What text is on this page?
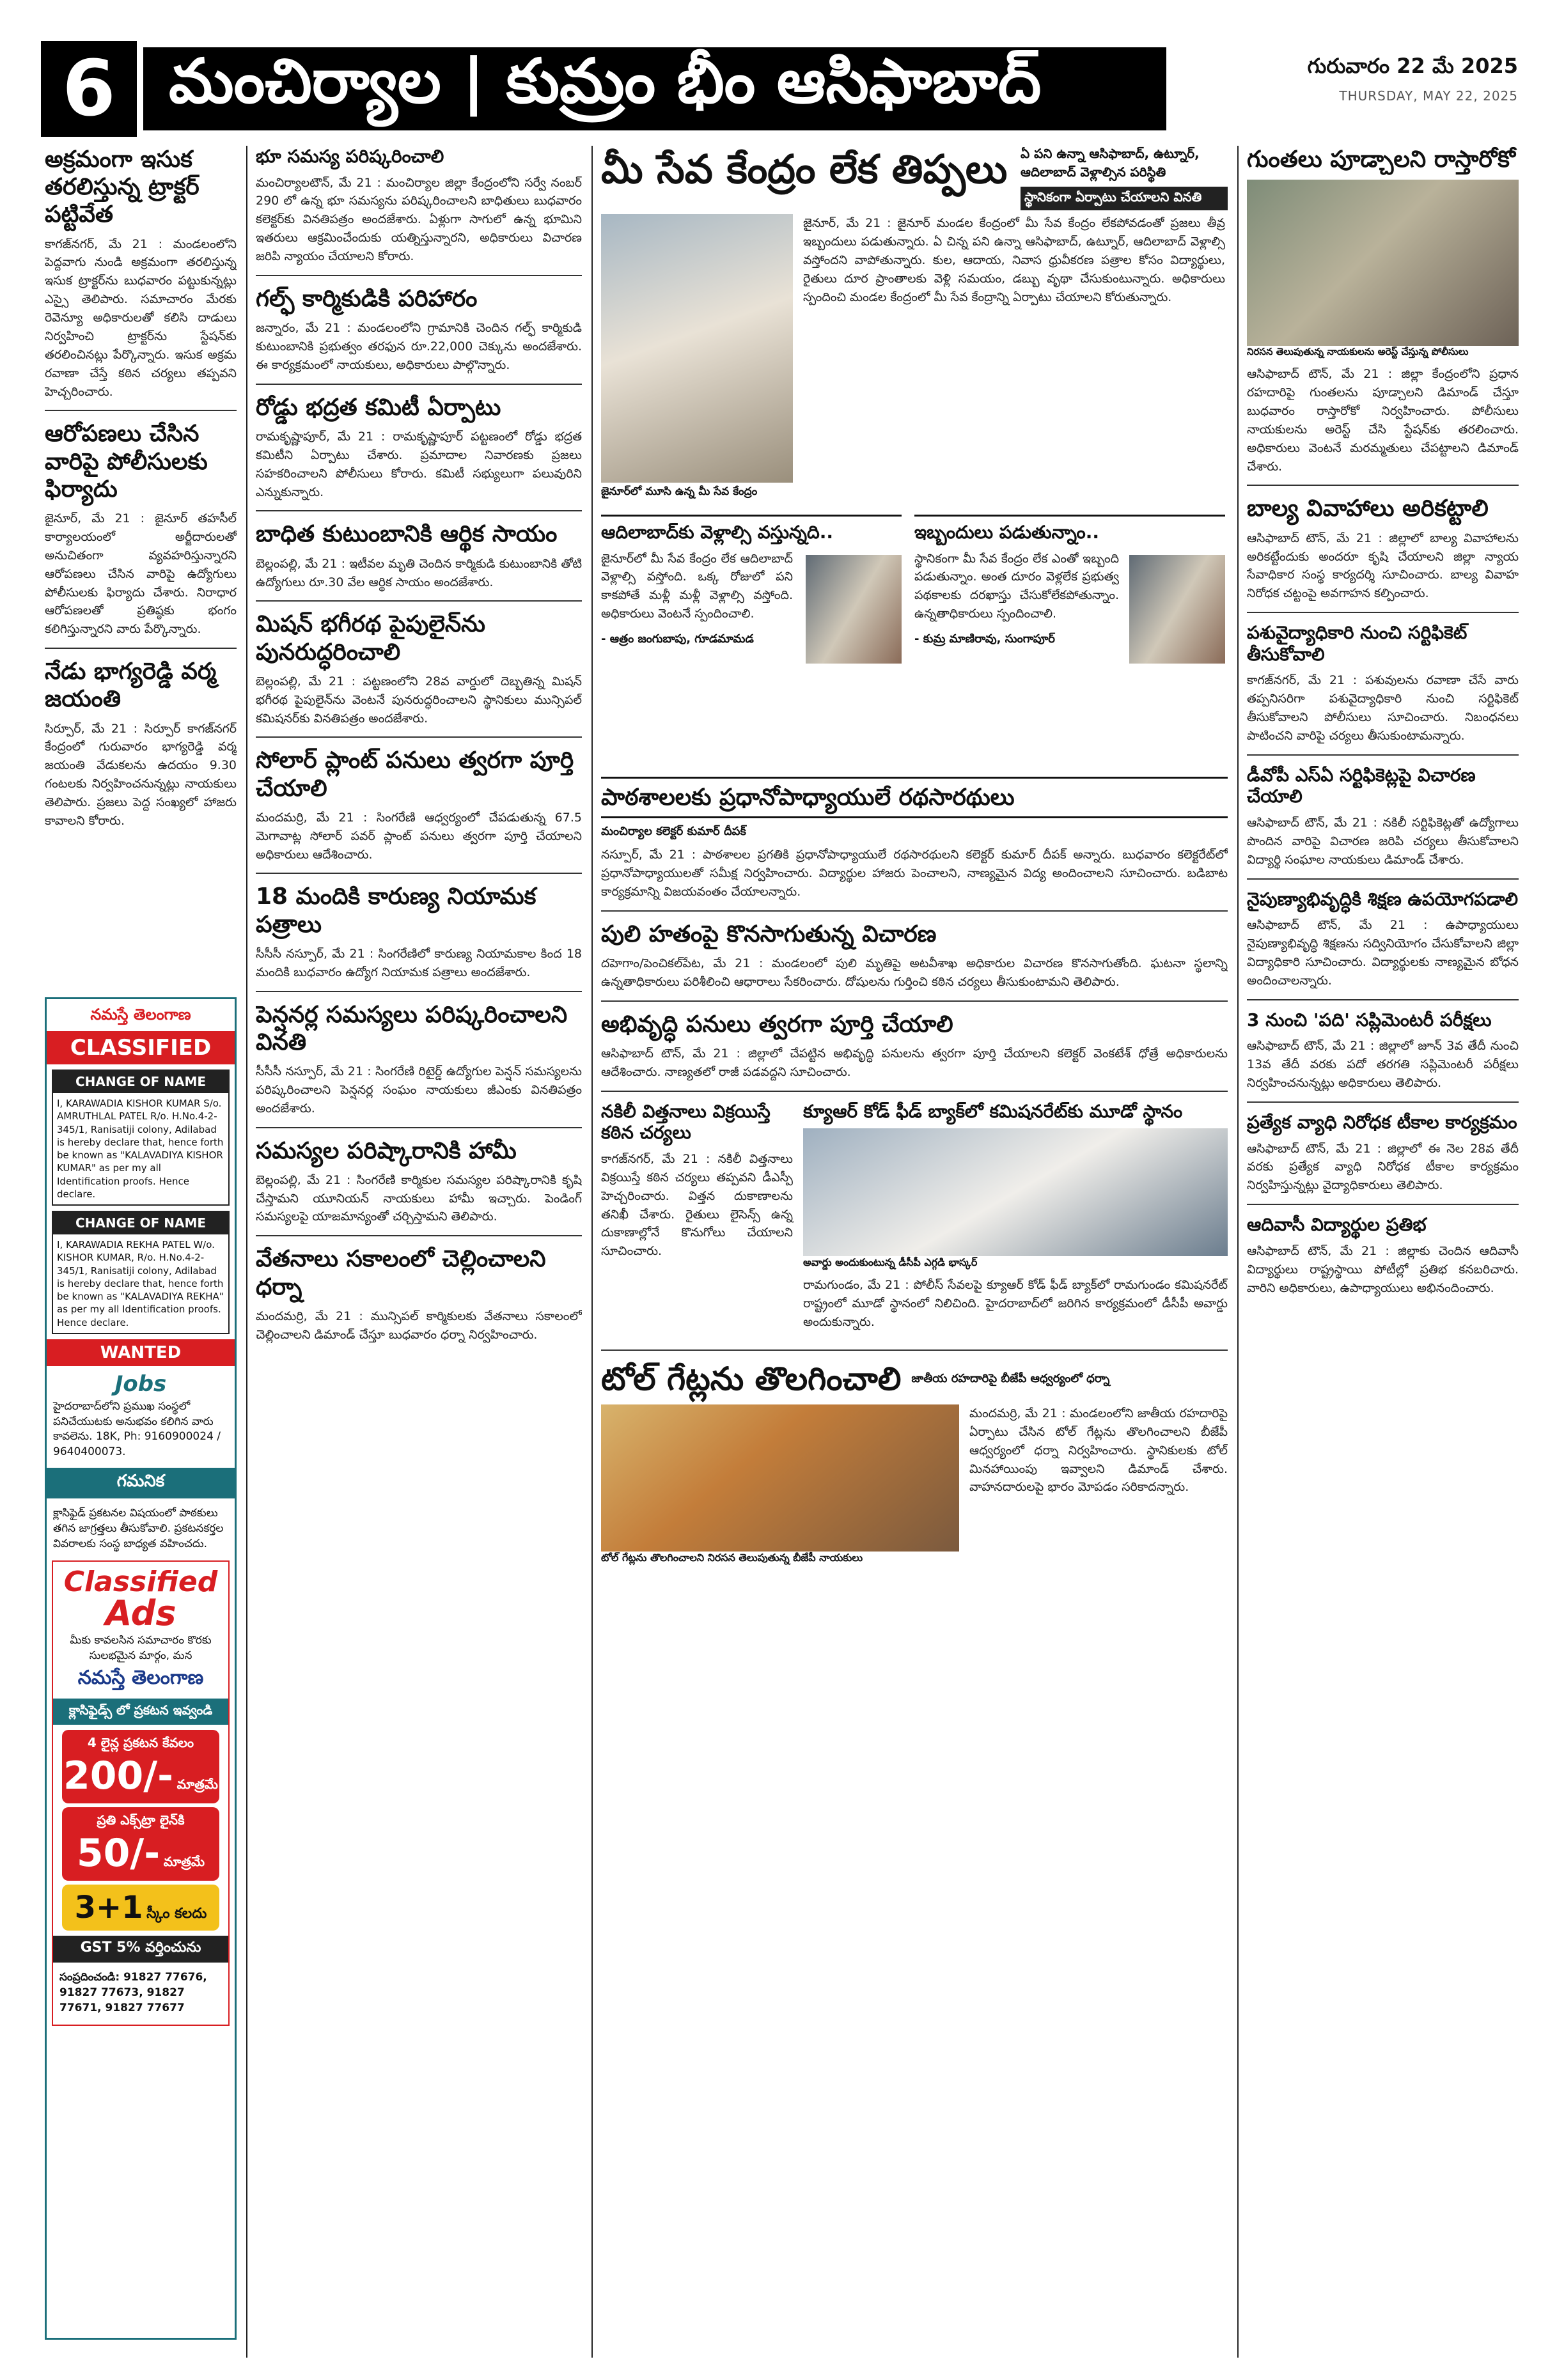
6 మంచిర్యాల | కుమ్రం భీం ఆసిఫాబాద్	గురువారం 22 మే 2025
THURSDAY, MAY 22, 2025
అక్రమంగా ఇసుక తరలిస్తున్న ట్రాక్టర్ పట్టివేత

కాగజ్‌నగర్, మే 21 : మండలంలోని పెద్దవాగు నుండి అక్రమంగా తరలిస్తున్న ఇసుక ట్రాక్టర్‌ను బుధవారం పట్టుకున్నట్లు ఎస్సై తెలిపారు. సమాచారం మేరకు రెవెన్యూ అధికారులతో కలిసి దాడులు నిర్వహించి ట్రాక్టర్‌ను స్టేషన్‌కు తరలించినట్లు పేర్కొన్నారు. ఇసుక అక్రమ రవాణా చేస్తే కఠిన చర్యలు తప్పవని హెచ్చరించారు.

ఆరోపణలు చేసిన వారిపై పోలీసులకు ఫిర్యాదు

జైనూర్, మే 21 : జైనూర్ తహసీల్ కార్యాలయంలో అర్జీదారులతో అనుచితంగా వ్యవహరిస్తున్నారని ఆరోపణలు చేసిన వారిపై ఉద్యోగులు పోలీసులకు ఫిర్యాదు చేశారు. నిరాధార ఆరోపణలతో ప్రతిష్ఠకు భంగం కలిగిస్తున్నారని వారు పేర్కొన్నారు.

నేడు భాగ్యరెడ్డి వర్మ జయంతి

సిర్పూర్, మే 21 : సిర్పూర్ కాగజ్‌నగర్ కేంద్రంలో గురువారం భాగ్యరెడ్డి వర్మ జయంతి వేడుకలను ఉదయం 9.30 గంటలకు నిర్వహించనున్నట్లు నాయకులు తెలిపారు. ప్రజలు పెద్ద సంఖ్యలో హాజరు కావాలని కోరారు.

నమస్తే తెలంగాణ
CLASSIFIED
CHANGE OF NAME
I, KARAWADIA KISHOR KUMAR S/o. AMRUTHLAL PATEL R/o. H.No.4-2-345/1, Ranisatiji colony, Adilabad is hereby declare that, hence forth be known as "KALAVADIYA KISHOR KUMAR" as per my all Identification proofs. Hence declare.
CHANGE OF NAME
I, KARAWADIA REKHA PATEL W/o. KISHOR KUMAR, R/o. H.No.4-2-345/1, Ranisatiji colony, Adilabad is hereby declare that, hence forth be known as "KALAVADIYA REKHA" as per my all Identification proofs. Hence declare.
WANTED
Jobs
హైదరాబాద్‌లోని ప్రముఖ సంస్థలో పనిచేయుటకు అనుభవం కలిగిన వారు కావలెను. 18K, Ph: 9160900024 / 9640400073.
గమనిక
క్లాసిఫైడ్ ప్రకటనల విషయంలో పాఠకులు తగిన జాగ్రత్తలు తీసుకోవాలి. ప్రకటనకర్తల వివరాలకు సంస్థ బాధ్యత వహించదు.
Classified
Ads
మీకు కావలసిన సమాచారం కొరకు సులభమైన మార్గం, మన
నమస్తే తెలంగాణ
క్లాసిఫైడ్స్ లో ప్రకటన ఇవ్వండి
4 లైన్ల ప్రకటన కేవలం
200/- మాత్రమే
ప్రతి ఎక్స్‌ట్రా లైన్‌కి
50/- మాత్రమే
3+1 స్కీం కలదు
GST 5% వర్తించును
సంప్రదించండి: 91827 77676, 91827 77673, 91827 77671, 91827 77677
భూ సమస్య పరిష్కరించాలి

మంచిర్యాలటౌన్, మే 21 : మంచిర్యాల జిల్లా కేంద్రంలోని సర్వే నంబర్ 290 లో ఉన్న భూ సమస్యను పరిష్కరించాలని బాధితులు బుధవారం కలెక్టర్‌కు వినతిపత్రం అందజేశారు. ఏళ్లుగా సాగులో ఉన్న భూమిని ఇతరులు ఆక్రమించేందుకు యత్నిస్తున్నారని, అధికారులు విచారణ జరిపి న్యాయం చేయాలని కోరారు.

గల్ఫ్ కార్మికుడికి పరిహారం

జన్నారం, మే 21 : మండలంలోని గ్రామానికి చెందిన గల్ఫ్ కార్మికుడి కుటుంబానికి ప్రభుత్వం తరఫున రూ.22,000 చెక్కును అందజేశారు. ఈ కార్యక్రమంలో నాయకులు, అధికారులు పాల్గొన్నారు.

రోడ్డు భద్రత కమిటీ ఏర్పాటు

రామకృష్ణాపూర్, మే 21 : రామకృష్ణాపూర్ పట్టణంలో రోడ్డు భద్రత కమిటీని ఏర్పాటు చేశారు. ప్రమాదాల నివారణకు ప్రజలు సహకరించాలని పోలీసులు కోరారు. కమిటీ సభ్యులుగా పలువురిని ఎన్నుకున్నారు.

బాధిత కుటుంబానికి ఆర్థిక సాయం

బెల్లంపల్లి, మే 21 : ఇటీవల మృతి చెందిన కార్మికుడి కుటుంబానికి తోటి ఉద్యోగులు రూ.30 వేల ఆర్థిక సాయం అందజేశారు.

మిషన్ భగీరథ పైపులైన్‌ను పునరుద్ధరించాలి

బెల్లంపల్లి, మే 21 : పట్టణంలోని 28వ వార్డులో దెబ్బతిన్న మిషన్ భగీరథ పైపులైన్‌ను వెంటనే పునరుద్ధరించాలని స్థానికులు మున్సిపల్ కమిషనర్‌కు వినతిపత్రం అందజేశారు.

సోలార్ ప్లాంట్ పనులు త్వరగా పూర్తి చేయాలి

మందమర్రి, మే 21 : సింగరేణి ఆధ్వర్యంలో చేపడుతున్న 67.5 మెగావాట్ల సోలార్ పవర్ ప్లాంట్ పనులు త్వరగా పూర్తి చేయాలని అధికారులు ఆదేశించారు.

18 మందికి కారుణ్య నియామక పత్రాలు

సీసీసీ నస్పూర్, మే 21 : సింగరేణిలో కారుణ్య నియామకాల కింద 18 మందికి బుధవారం ఉద్యోగ నియామక పత్రాలు అందజేశారు.

పెన్షనర్ల సమస్యలు పరిష్కరించాలని వినతి

సీసీసీ నస్పూర్, మే 21 : సింగరేణి రిటైర్డ్ ఉద్యోగుల పెన్షన్ సమస్యలను పరిష్కరించాలని పెన్షనర్ల సంఘం నాయకులు జీఎంకు వినతిపత్రం అందజేశారు.

సమస్యల పరిష్కారానికి హామీ

బెల్లంపల్లి, మే 21 : సింగరేణి కార్మికుల సమస్యల పరిష్కారానికి కృషి చేస్తామని యూనియన్ నాయకులు హామీ ఇచ్చారు. పెండింగ్ సమస్యలపై యాజమాన్యంతో చర్చిస్తామని తెలిపారు.

వేతనాలు సకాలంలో చెల్లించాలని ధర్నా

మందమర్రి, మే 21 : మున్సిపల్ కార్మికులకు వేతనాలు సకాలంలో చెల్లించాలని డిమాండ్ చేస్తూ బుధవారం ధర్నా నిర్వహించారు.

మీ సేవ కేంద్రం లేక తిప్పలు ఏ పని ఉన్నా ఆసిఫాబాద్, ఉట్నూర్, ఆదిలాబాద్ వెళ్లాల్సిన పరిస్థితి
స్థానికంగా ఏర్పాటు చేయాలని వినతి
జైనూర్‌లో మూసి ఉన్న మీ సేవ కేంద్రం

జైనూర్, మే 21 : జైనూర్ మండల కేంద్రంలో మీ సేవ కేంద్రం లేకపోవడంతో ప్రజలు తీవ్ర ఇబ్బందులు పడుతున్నారు. ఏ చిన్న పని ఉన్నా ఆసిఫాబాద్, ఉట్నూర్, ఆదిలాబాద్ వెళ్లాల్సి వస్తోందని వాపోతున్నారు. కుల, ఆదాయ, నివాస ధ్రువీకరణ పత్రాల కోసం విద్యార్థులు, రైతులు దూర ప్రాంతాలకు వెళ్లి సమయం, డబ్బు వృథా చేసుకుంటున్నారు. అధికారులు స్పందించి మండల కేంద్రంలో మీ సేవ కేంద్రాన్ని ఏర్పాటు చేయాలని కోరుతున్నారు.

ఆదిలాబాద్‌కు వెళ్లాల్సి వస్తున్నది..

జైనూర్‌లో మీ సేవ కేంద్రం లేక ఆదిలాబాద్ వెళ్లాల్సి వస్తోంది. ఒక్క రోజులో పని కాకపోతే మళ్లీ మళ్లీ వెళ్లాల్సి వస్తోంది. అధికారులు వెంటనే స్పందించాలి.

- ఆత్రం జంగుబాపు, గూడమామడ
ఇబ్బందులు పడుతున్నాం..

స్థానికంగా మీ సేవ కేంద్రం లేక ఎంతో ఇబ్బంది పడుతున్నాం. అంత దూరం వెళ్లలేక ప్రభుత్వ పథకాలకు దరఖాస్తు చేసుకోలేకపోతున్నాం. ఉన్నతాధికారులు స్పందించాలి.

- కుమ్ర మాణిరావు, సుంగాపూర్
పాఠశాలలకు ప్రధానోపాధ్యాయులే రథసారథులు
మంచిర్యాల కలెక్టర్ కుమార్ దీపక్

నస్పూర్, మే 21 : పాఠశాలల ప్రగతికి ప్రధానోపాధ్యాయులే రథసారథులని కలెక్టర్ కుమార్ దీపక్ అన్నారు. బుధవారం కలెక్టరేట్‌లో ప్రధానోపాధ్యాయులతో సమీక్ష నిర్వహించారు. విద్యార్థుల హాజరు పెంచాలని, నాణ్యమైన విద్య అందించాలని సూచించారు. బడిబాట కార్యక్రమాన్ని విజయవంతం చేయాలన్నారు.

పులి హతంపై కొనసాగుతున్న విచారణ

దహెగాం/పెంచికల్‌పేట, మే 21 : మండలంలో పులి మృతిపై అటవీశాఖ అధికారుల విచారణ కొనసాగుతోంది. ఘటనా స్థలాన్ని ఉన్నతాధికారులు పరిశీలించి ఆధారాలు సేకరించారు. దోషులను గుర్తించి కఠిన చర్యలు తీసుకుంటామని తెలిపారు.

అభివృద్ధి పనులు త్వరగా పూర్తి చేయాలి

ఆసిఫాబాద్ టౌన్, మే 21 : జిల్లాలో చేపట్టిన అభివృద్ధి పనులను త్వరగా పూర్తి చేయాలని కలెక్టర్ వెంకటేశ్ ధోత్రే అధికారులను ఆదేశించారు. నాణ్యతలో రాజీ పడవద్దని సూచించారు.

నకిలీ విత్తనాలు విక్రయిస్తే కఠిన చర్యలు

కాగజ్‌నగర్, మే 21 : నకిలీ విత్తనాలు విక్రయిస్తే కఠిన చర్యలు తప్పవని డీఎస్పీ హెచ్చరించారు. విత్తన దుకాణాలను తనిఖీ చేశారు. రైతులు లైసెన్స్ ఉన్న దుకాణాల్లోనే కొనుగోలు చేయాలని సూచించారు.

క్యూఆర్ కోడ్ ఫీడ్ బ్యాక్‌లో కమిషనరేట్‌కు మూడో స్థానం
అవార్డు అందుకుంటున్న డీసీపీ ఎగ్గడి భాస్కర్

రామగుండం, మే 21 : పోలీస్ సేవలపై క్యూఆర్ కోడ్ ఫీడ్ బ్యాక్‌లో రామగుండం కమిషనరేట్ రాష్ట్రంలో మూడో స్థానంలో నిలిచింది. హైదరాబాద్‌లో జరిగిన కార్యక్రమంలో డీసీపీ అవార్డు అందుకున్నారు.

టోల్ గేట్లను తొలగించాలి జాతీయ రహదారిపై బీజేపీ ఆధ్వర్యంలో ధర్నా
టోల్ గేట్లను తొలగించాలని నిరసన తెలుపుతున్న బీజేపీ నాయకులు

మందమర్రి, మే 21 : మండలంలోని జాతీయ రహదారిపై ఏర్పాటు చేసిన టోల్ గేట్లను తొలగించాలని బీజేపీ ఆధ్వర్యంలో ధర్నా నిర్వహించారు. స్థానికులకు టోల్ మినహాయింపు ఇవ్వాలని డిమాండ్ చేశారు. వాహనదారులపై భారం మోపడం సరికాదన్నారు.

గుంతలు పూడ్చాలని రాస్తారోకో
నిరసన తెలుపుతున్న నాయకులను అరెస్ట్ చేస్తున్న పోలీసులు

ఆసిఫాబాద్ టౌన్, మే 21 : జిల్లా కేంద్రంలోని ప్రధాన రహదారిపై గుంతలను పూడ్చాలని డిమాండ్ చేస్తూ బుధవారం రాస్తారోకో నిర్వహించారు. పోలీసులు నాయకులను అరెస్ట్ చేసి స్టేషన్‌కు తరలించారు. అధికారులు వెంటనే మరమ్మతులు చేపట్టాలని డిమాండ్ చేశారు.

బాల్య వివాహాలు అరికట్టాలి

ఆసిఫాబాద్ టౌన్, మే 21 : జిల్లాలో బాల్య వివాహాలను అరికట్టేందుకు అందరూ కృషి చేయాలని జిల్లా న్యాయ సేవాధికార సంస్థ కార్యదర్శి సూచించారు. బాల్య వివాహ నిరోధక చట్టంపై అవగాహన కల్పించారు.

పశువైద్యాధికారి నుంచి సర్టిఫికెట్ తీసుకోవాలి

కాగజ్‌నగర్, మే 21 : పశువులను రవాణా చేసే వారు తప్పనిసరిగా పశువైద్యాధికారి నుంచి సర్టిఫికెట్ తీసుకోవాలని పోలీసులు సూచించారు. నిబంధనలు పాటించని వారిపై చర్యలు తీసుకుంటామన్నారు.

డీవోపీ ఎస్ఏ సర్టిఫికెట్లపై విచారణ చేయాలి

ఆసిఫాబాద్ టౌన్, మే 21 : నకిలీ సర్టిఫికెట్లతో ఉద్యోగాలు పొందిన వారిపై విచారణ జరిపి చర్యలు తీసుకోవాలని విద్యార్థి సంఘాల నాయకులు డిమాండ్ చేశారు.

నైపుణ్యాభివృద్ధికి శిక్షణ ఉపయోగపడాలి

ఆసిఫాబాద్ టౌన్, మే 21 : ఉపాధ్యాయులు నైపుణ్యాభివృద్ధి శిక్షణను సద్వినియోగం చేసుకోవాలని జిల్లా విద్యాధికారి సూచించారు. విద్యార్థులకు నాణ్యమైన బోధన అందించాలన్నారు.

3 నుంచి 'పది' సప్లిమెంటరీ పరీక్షలు

ఆసిఫాబాద్ టౌన్, మే 21 : జిల్లాలో జూన్ 3వ తేదీ నుంచి 13వ తేదీ వరకు పదో తరగతి సప్లిమెంటరీ పరీక్షలు నిర్వహించనున్నట్లు అధికారులు తెలిపారు.

ప్రత్యేక వ్యాధి నిరోధక టీకాల కార్యక్రమం

ఆసిఫాబాద్ టౌన్, మే 21 : జిల్లాలో ఈ నెల 28వ తేదీ వరకు ప్రత్యేక వ్యాధి నిరోధక టీకాల కార్యక్రమం నిర్వహిస్తున్నట్లు వైద్యాధికారులు తెలిపారు.

ఆదివాసీ విద్యార్థుల ప్రతిభ

ఆసిఫాబాద్ టౌన్, మే 21 : జిల్లాకు చెందిన ఆదివాసీ విద్యార్థులు రాష్ట్రస్థాయి పోటీల్లో ప్రతిభ కనబరిచారు. వారిని అధికారులు, ఉపాధ్యాయులు అభినందించారు.
